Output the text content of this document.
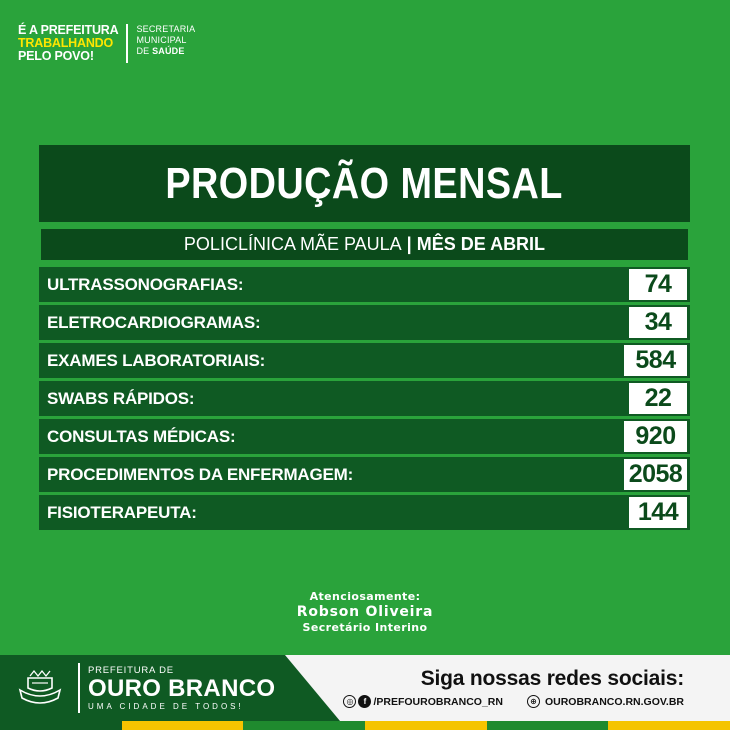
É A PREFEITURA
TRABALHANDO
PELO POVO!
SECRETARIA
MUNICIPAL
DE SAÚDE
PRODUÇÃO MENSAL
POLICLÍNICA MÃE PAULA | MÊS DE ABRIL
ULTRASSONOGRAFIAS:	74
ELETROCARDIOGRAMAS:	34
EXAMES LABORATORIAIS:	584
SWABS RÁPIDOS:	22
CONSULTAS MÉDICAS:	920
PROCEDIMENTOS DA ENFERMAGEM:	2058
FISIOTERAPEUTA:	144
Atenciosamente:
Robson Oliveira
Secretário Interino
PREFEITURA DE
OURO BRANCO
UMA CIDADE DE TODOS!
Siga nossas redes sociais:
◎	f /PREFOUROBRANCO_RN	⊕ OUROBRANCO.RN.GOV.BR
